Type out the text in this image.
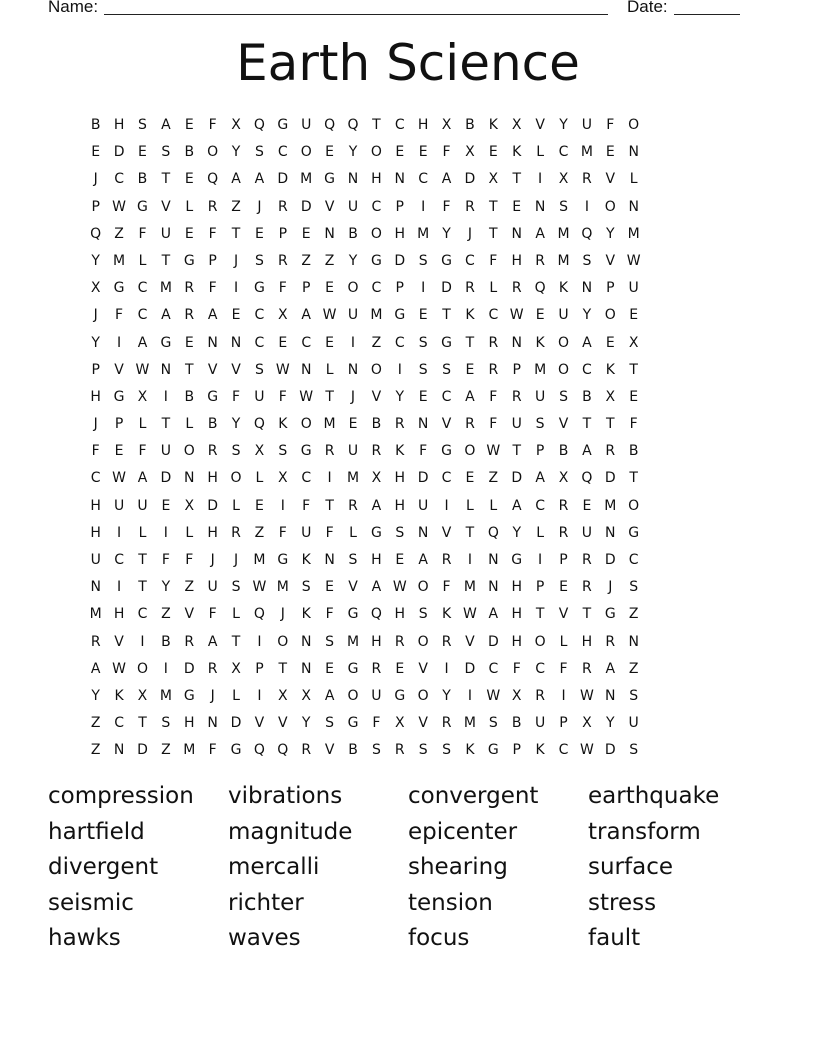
Name:	Date:
Earth Science
B H S	A	E	F	X Q G U Q Q T	C H X B K	X V	Y U	F O
E D E	S	B O Y	S	C O E	Y O E	E	F	X	E	K	L	C M E N
J	C B	T	E Q A A D M G N H N C A D X	T	I	X R V	L
P W G V	L	R Z	J	R D V U C	P	I	F	R	T	E N S	I	O N
Q Z	F	U E	F	T	E	P	E N B O H M Y	J	T N A M Q Y M
Y M L	T G P	J	S	R Z Z	Y G D S G C	F	H R M S	V W
X G C M R	F	I	G F	P	E O C	P	I	D R	L	R Q K N P	U
J	F	C A R A	E	C X A W U M G E	T	K C W E U Y O E
Y	I	A G E N N C	E	C	E	I	Z C	S G T	R N K O A	E	X
P	V W N T	V V	S W N	L	N O	I	S	S	E	R	P M O C K	T
H G X	I	B G F	U	F W T	J	V	Y	E	C A	F	R U S	B X	E
J	P	L	T	L	B	Y Q K O M E	B R N V R	F	U S	V	T	T	F
F	E	F	U O R	S	X	S G R U R K	F G O W T	P	B A R B
C W A D N H O L	X C	I	M X H D C	E	Z D A X Q D T
H U U E	X D	L	E	I	F	T	R A H U	I	L	L	A C R	E M O
H	I	L	I	L	H R Z	F	U	F	L	G S N V	T Q Y	L	R U N G
U C	T	F	F	J	J	M G K N S H E	A R	I	N G	I	P	R D C
N	I	T	Y	Z U S W M S	E	V A W O F M N H P	E	R	J	S
M H C Z V	F	L Q	J	K	F G Q H S	K W A H T	V	T G Z
R V	I	B R A	T	I	O N S M H R O R V D H O L	H R N
A W O	I	D R X	P	T N E G R	E	V	I	D C	F	C	F	R A Z
Y	K	X M G	J	L	I	X X A O U G O Y	I	W X R	I	W N S
Z C	T	S H N D V V	Y	S G F	X V R M S	B U	P	X	Y U
Z N D Z M F G Q Q R V B	S	R	S	S	K G P	K C W D S
compression	vibrations	convergent	earthquake
hartfield	magnitude	epicenter	transform
divergent	mercalli	shearing	surface
seismic	richter	tension	stress
hawks	waves	focus	fault
